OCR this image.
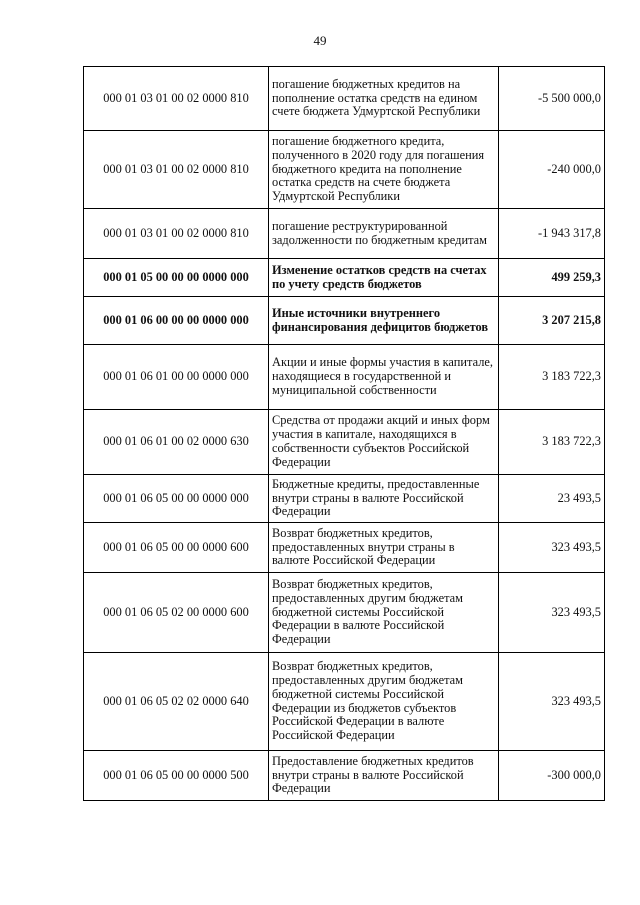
49
000 01 03 01 00 02 0000 810	погашение бюджетных кредитов на пополнение остатка средств на едином счете бюджета Удмуртской Республики	-5 500 000,0
000 01 03 01 00 02 0000 810	погашение бюджетного кредита, полученного в 2020 году для погашения бюджетного кредита на пополнение остатка средств на счете бюджета Удмуртской Республики	-240 000,0
000 01 03 01 00 02 0000 810	погашение реструктурированной задолженности по бюджетным кредитам	-1 943 317,8
000 01 05 00 00 00 0000 000	Изменение остатков средств на счетах по учету средств бюджетов	499 259,3
000 01 06 00 00 00 0000 000	Иные источники внутреннего финансирования дефицитов бюджетов	3 207 215,8
000 01 06 01 00 00 0000 000	Акции и иные формы участия в капитале, находящиеся в государственной и муниципальной собственности	3 183 722,3
000 01 06 01 00 02 0000 630	Средства от продажи акций и иных форм участия в капитале, находящихся в собственности субъектов Российской Федерации	3 183 722,3
000 01 06 05 00 00 0000 000	Бюджетные кредиты, предоставленные внутри страны в валюте Российской Федерации	23 493,5
000 01 06 05 00 00 0000 600	Возврат бюджетных кредитов, предоставленных внутри страны в валюте Российской Федерации	323 493,5
000 01 06 05 02 00 0000 600	Возврат бюджетных кредитов, предоставленных другим бюджетам бюджетной системы Российской Федерации в валюте Российской Федерации	323 493,5
000 01 06 05 02 02 0000 640	Возврат бюджетных кредитов, предоставленных другим бюджетам бюджетной системы Российской Федерации из бюджетов субъектов Российской Федерации в валюте Российской Федерации	323 493,5
000 01 06 05 00 00 0000 500	Предоставление бюджетных кредитов внутри страны в валюте Российской Федерации	-300 000,0
